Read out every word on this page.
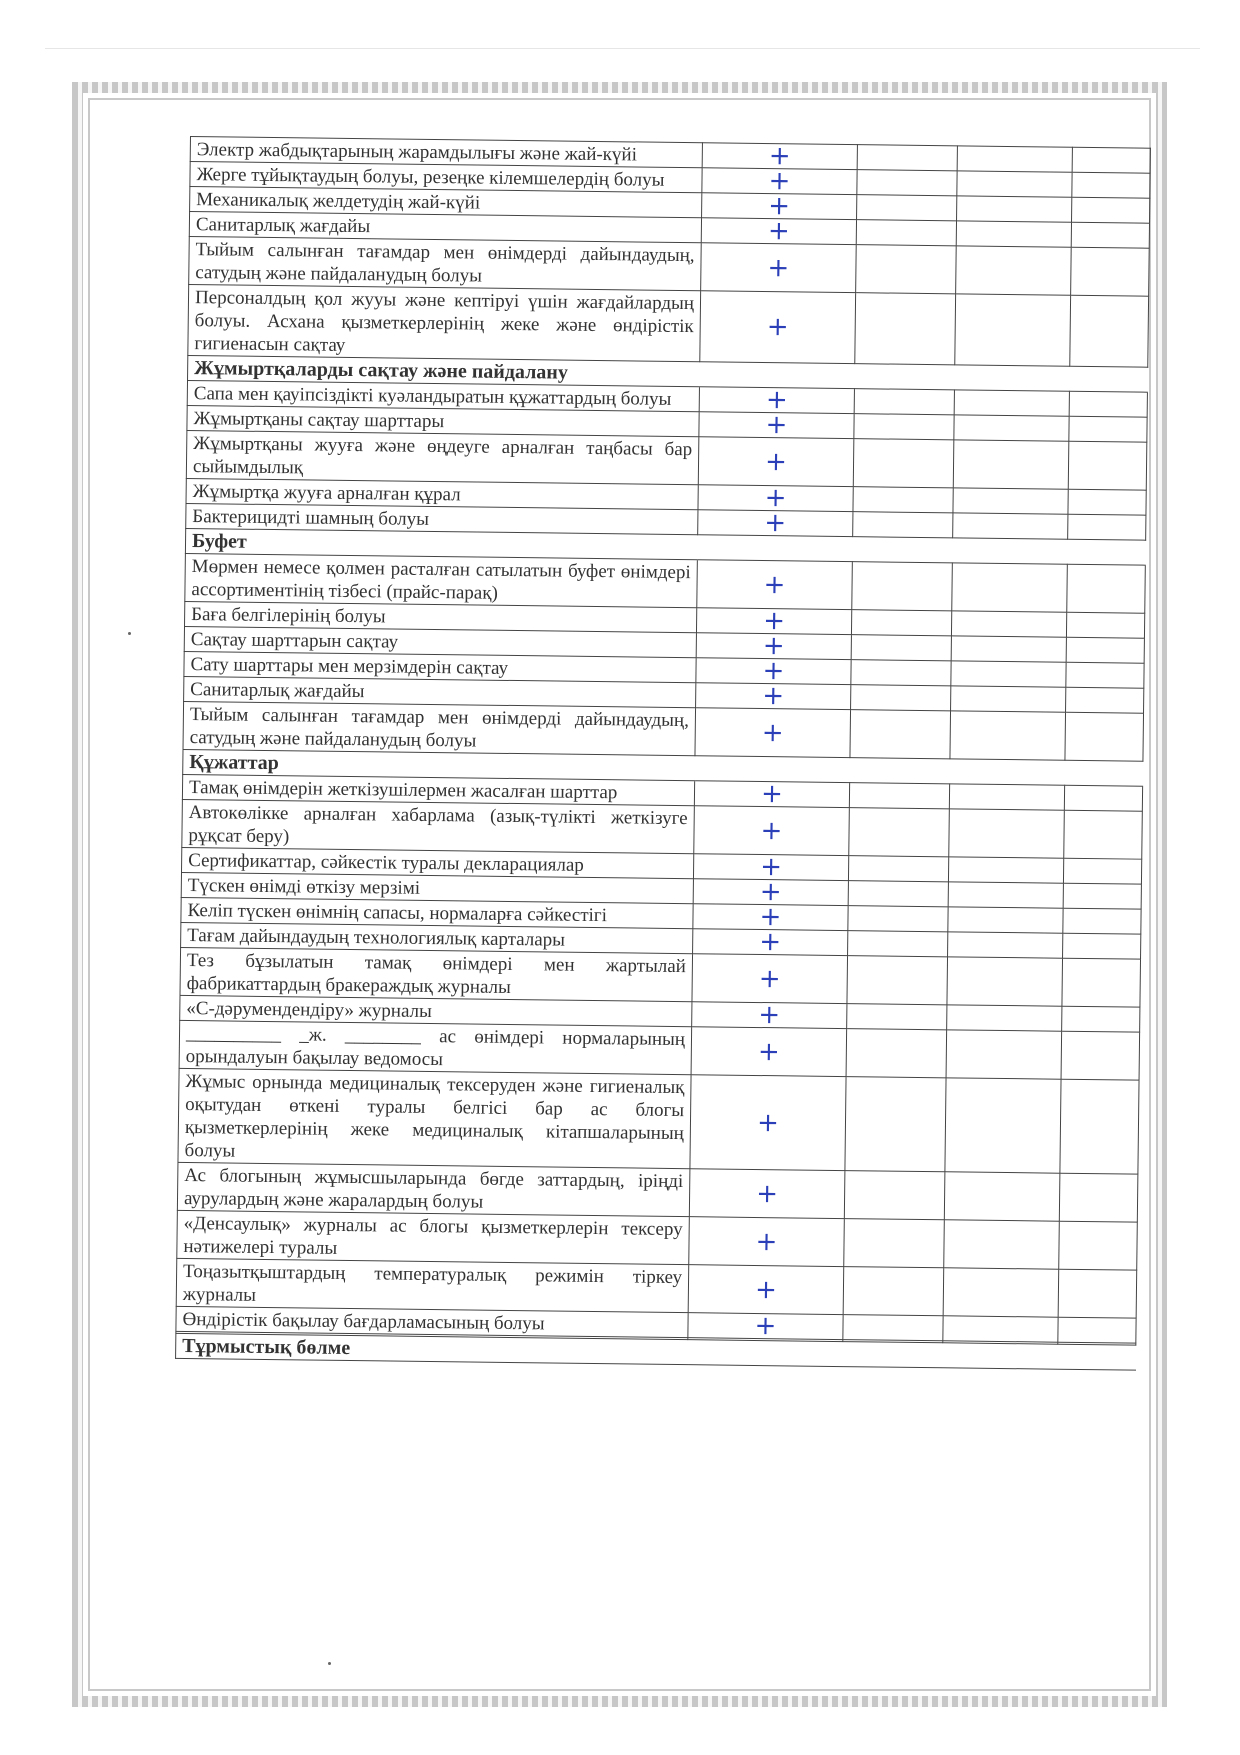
Электр жабдықтарының жарамдылығы және жай-күйі	+			
Жерге тұйықтаудың болуы, резеңке кілемшелердің болуы	+			
Механикалық желдетудің жай-күйі	+			
Санитарлық жағдайы	+			
Тыйым салынған тағамдар мен өнімдерді дайындаудың, сатудың және пайдаланудың болуы	+			
Персоналдың қол жууы және кептіруі үшін жағдайлардың болуы. Асхана қызметкерлерінің жеке және өндірістік гигиенасын сақтау	+			
Жұмыртқаларды сақтау және пайдалану				
Сапа мен қауіпсіздікті куәландыратын құжаттардың болуы	+			
Жұмыртқаны сақтау шарттары	+			
Жұмыртқаны жууға және өңдеуге арналған таңбасы бар сыйымдылық	+			
Жұмыртқа жууға арналған құрал	+			
Бактерицидті шамның болуы	+			
Буфет				
Мөрмен немесе қолмен расталған сатылатын буфет өнімдері ассортиментінің тізбесі (прайс-парақ)	+			
Баға белгілерінің болуы	+			
Сақтау шарттарын сақтау	+			
Сату шарттары мен мерзімдерін сақтау	+			
Санитарлық жағдайы	+			
Тыйым салынған тағамдар мен өнімдерді дайындаудың, сатудың және пайдаланудың болуы	+			
Құжаттар				
Тамақ өнімдерін жеткізушілермен жасалған шарттар	+			
Автокөлікке арналған хабарлама (азық-түлікті жеткізуге рұқсат беру)	+			
Сертификаттар, сәйкестік туралы декларациялар	+			
Түскен өнімді өткізу мерзімі	+			
Келіп түскен өнімнің сапасы, нормаларға сәйкестігі	+			
Тағам дайындаудың технологиялық карталары	+			
Тез бұзылатын тамақ өнімдері мен жартылай фабрикаттардың бракераждық журналы	+			
«С-дәрумендендіру» журналы	+			
__________ _ж. ________ ас өнімдері нормаларының орындалуын бақылау ведомосы	+			
Жұмыс орнында медициналық тексеруден және гигиеналық оқытудан өткені туралы белгісі бар ас блогы қызметкерлерінің жеке медициналық кітапшаларының болуы	+			
Ас блогының жұмысшыларында бөгде заттардың, іріңді аурулардың және жаралардың болуы	+			
«Денсаулық» журналы ас блогы қызметкерлерін тексеру нәтижелері туралы	+			
Тоңазытқыштардың температуралық режимін тіркеу журналы	+			
Өндірістік бақылау бағдарламасының болуы	+			

Тұрмыстық бөлме				
